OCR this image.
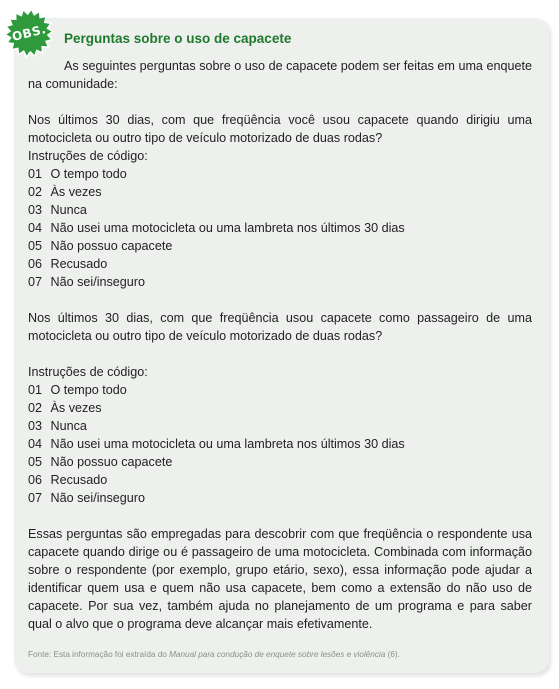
OBS.	Perguntas sobre o uso de capacete

As seguintes perguntas sobre o uso de capacete podem ser feitas em uma enquete na comunidade:

Nos últimos 30 dias, com que freqüência você usou capacete quando dirigiu uma motocicleta ou outro tipo de veículo motorizado de duas rodas?

Instruções de código:

01 O tempo todo
02 Às vezes
03 Nunca
04 Não usei uma motocicleta ou uma lambreta nos últimos 30 dias
05 Não possuo capacete
06 Recusado
07 Não sei/inseguro

Nos últimos 30 dias, com que freqüência usou capacete como passageiro de uma motocicleta ou outro tipo de veículo motorizado de duas rodas?

Instruções de código:

01 O tempo todo
02 Às vezes
03 Nunca
04 Não usei uma motocicleta ou uma lambreta nos últimos 30 dias
05 Não possuo capacete
06 Recusado
07 Não sei/inseguro

Essas perguntas são empregadas para descobrir com que freqüência o respondente usa capacete quando dirige ou é passageiro de uma motocicleta. Combinada com informação sobre o respondente (por exemplo, grupo etário, sexo), essa informação pode ajudar a identificar quem usa e quem não usa capacete, bem como a extensão do não uso de capacete. Por sua vez, também ajuda no planejamento de um programa e para saber qual o alvo que o programa deve alcançar mais efetivamente.

Fonte: Esta informação foi extraída do Manual para condução de enquete sobre lesões e violência (6).
